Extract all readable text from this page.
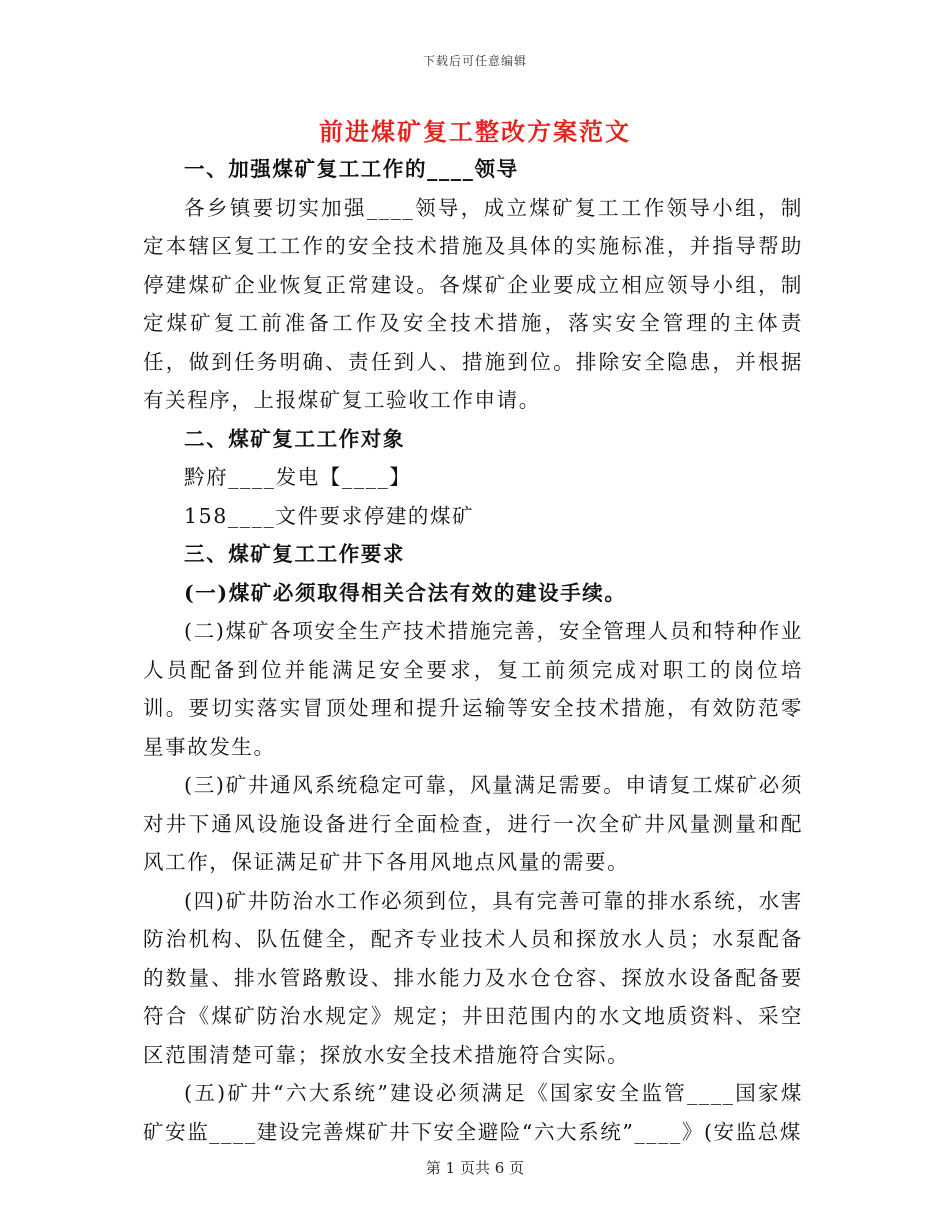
下载后可任意编辑
前进煤矿复工整改方案范文

一、加强煤矿复工工作的____领导

各乡镇要切实加强____领导，成立煤矿复工工作领导小组，制定本辖区复工工作的安全技术措施及具体的实施标准，并指导帮助停建煤矿企业恢复正常建设。各煤矿企业要成立相应领导小组，制定煤矿复工前准备工作及安全技术措施，落实安全管理的主体责任，做到任务明确、责任到人、措施到位。排除安全隐患，并根据有关程序，上报煤矿复工验收工作申请。

二、煤矿复工工作对象

黔府____发电【____】

158____文件要求停建的煤矿

三、煤矿复工工作要求

(一)煤矿必须取得相关合法有效的建设手续。

(二)煤矿各项安全生产技术措施完善，安全管理人员和特种作业人员配备到位并能满足安全要求，复工前须完成对职工的岗位培训。要切实落实冒顶处理和提升运输等安全技术措施，有效防范零星事故发生。

(三)矿井通风系统稳定可靠，风量满足需要。申请复工煤矿必须对井下通风设施设备进行全面检查，进行一次全矿井风量测量和配风工作，保证满足矿井下各用风地点风量的需要。

(四)矿井防治水工作必须到位，具有完善可靠的排水系统，水害防治机构、队伍健全，配齐专业技术人员和探放水人员；水泵配备的数量、排水管路敷设、排水能力及水仓仓容、探放水设备配备要符合《煤矿防治水规定》规定；井田范围内的水文地质资料、采空区范围清楚可靠；探放水安全技术措施符合实际。

(五)矿井“六大系统”建设必须满足《国家安全监管____国家煤矿安监____建设完善煤矿井下安全避险“六大系统”____》(安监总煤

第 1 页共 6 页
